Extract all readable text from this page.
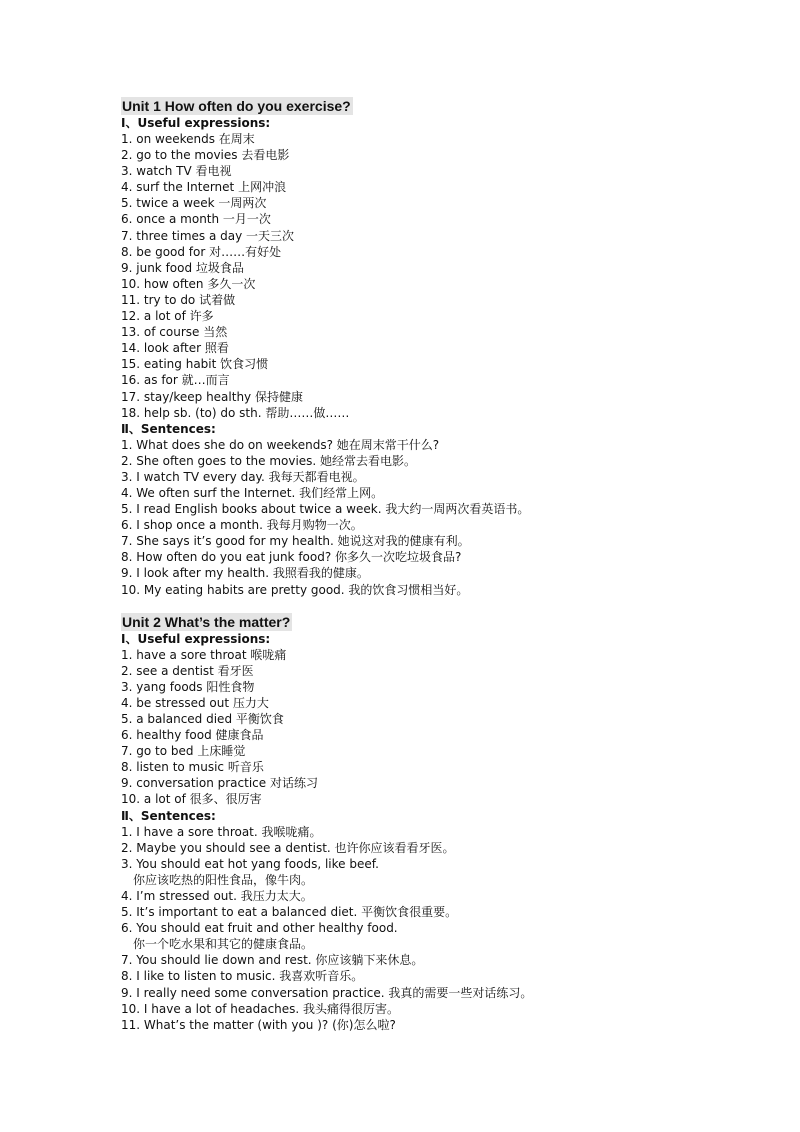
Unit 1 How often do you exercise?
Ⅰ、Useful expressions:
1. on weekends 在周末
2. go to the movies 去看电影
3. watch TV 看电视
4. surf the Internet 上网冲浪
5. twice a week 一周两次
6. once a month 一月一次
7. three times a day 一天三次
8. be good for 对……有好处
9. junk food 垃圾食品
10. how often 多久一次
11. try to do 试着做
12. a lot of 许多
13. of course 当然
14. look after 照看
15. eating habit 饮食习惯
16. as for 就…而言
17. stay/keep healthy 保持健康
18. help sb. (to) do sth. 帮助……做……
Ⅱ、Sentences:
1. What does she do on weekends? 她在周末常干什么?
2. She often goes to the movies. 她经常去看电影。
3. I watch TV every day. 我每天都看电视。
4. We often surf the Internet. 我们经常上网。
5. I read English books about twice a week. 我大约一周两次看英语书。
6. I shop once a month. 我每月购物一次。
7. She says it’s good for my health. 她说这对我的健康有利。
8. How often do you eat junk food? 你多久一次吃垃圾食品?
9. I look after my health. 我照看我的健康。
10. My eating habits are pretty good. 我的饮食习惯相当好。
Unit 2 What’s the matter?
Ⅰ、Useful expressions:
1. have a sore throat 喉咙痛
2. see a dentist 看牙医
3. yang foods 阳性食物
4. be stressed out 压力大
5. a balanced died 平衡饮食
6. healthy food 健康食品
7. go to bed 上床睡觉
8. listen to music 听音乐
9. conversation practice 对话练习
10. a lot of 很多、很厉害
Ⅱ、Sentences:
1. I have a sore throat. 我喉咙痛。
2. Maybe you should see a dentist. 也许你应该看看牙医。
3. You should eat hot yang foods, like beef.
你应该吃热的阳性食品，像牛肉。
4. I’m stressed out. 我压力太大。
5. It’s important to eat a balanced diet. 平衡饮食很重要。
6. You should eat fruit and other healthy food.
你一个吃水果和其它的健康食品。
7. You should lie down and rest. 你应该躺下来休息。
8. I like to listen to music. 我喜欢听音乐。
9. I really need some conversation practice. 我真的需要一些对话练习。
10. I have a lot of headaches. 我头痛得很厉害。
11. What’s the matter (with you )? (你)怎么啦?
